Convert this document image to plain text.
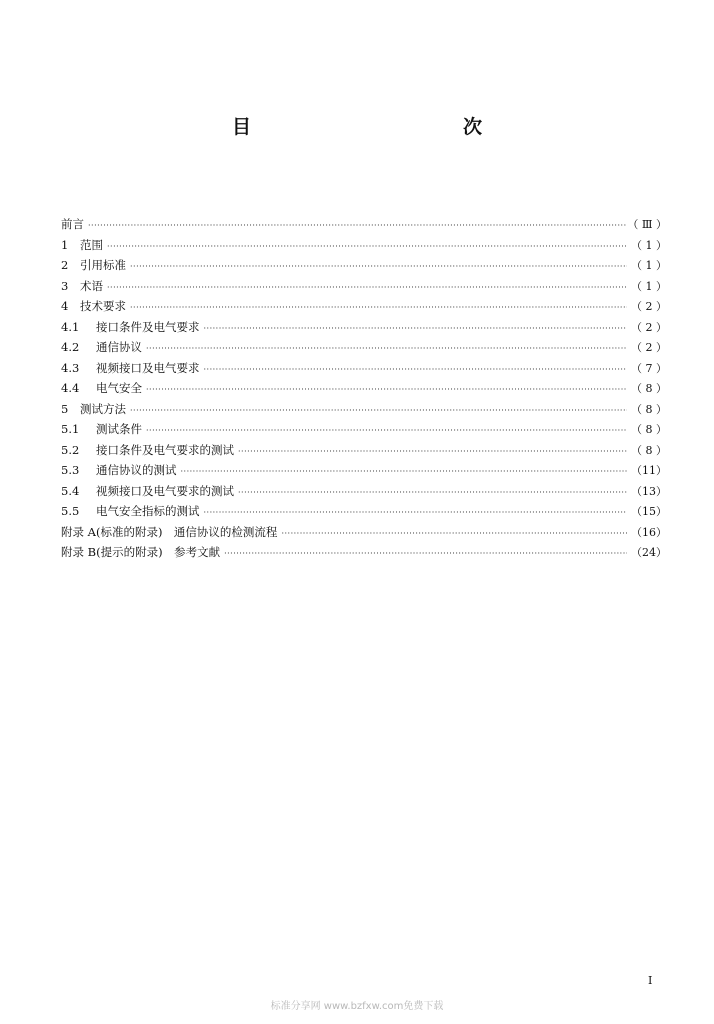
目　　次
前言 ·····	（ Ⅲ ）
1	范围 ·····	（ 1 ）
2	引用标准 ·····	（ 1 ）
3	术语 ·····	（ 1 ）
4	技术要求 ·····	（ 2 ）
4.1	接口条件及电气要求 ·····	（ 2 ）
4.2	通信协议 ·····	（ 2 ）
4.3	视频接口及电气要求 ·····	（ 7 ）
4.4	电气安全 ·····	（ 8 ）
5	测试方法 ·····	（ 8 ）
5.1	测试条件 ·····	（ 8 ）
5.2	接口条件及电气要求的测试 ·····	（ 8 ）
5.3	通信协议的测试 ·····	（11）
5.4	视频接口及电气要求的测试 ·····	（13）
5.5	电气安全指标的测试 ·····	（15）
附录 A(标准的附录)　通信协议的检测流程 ·····	（16）
附录 B(提示的附录)　参考文献 ·····	（24）
I
标准分享网 www.bzfxw.com免费下载
